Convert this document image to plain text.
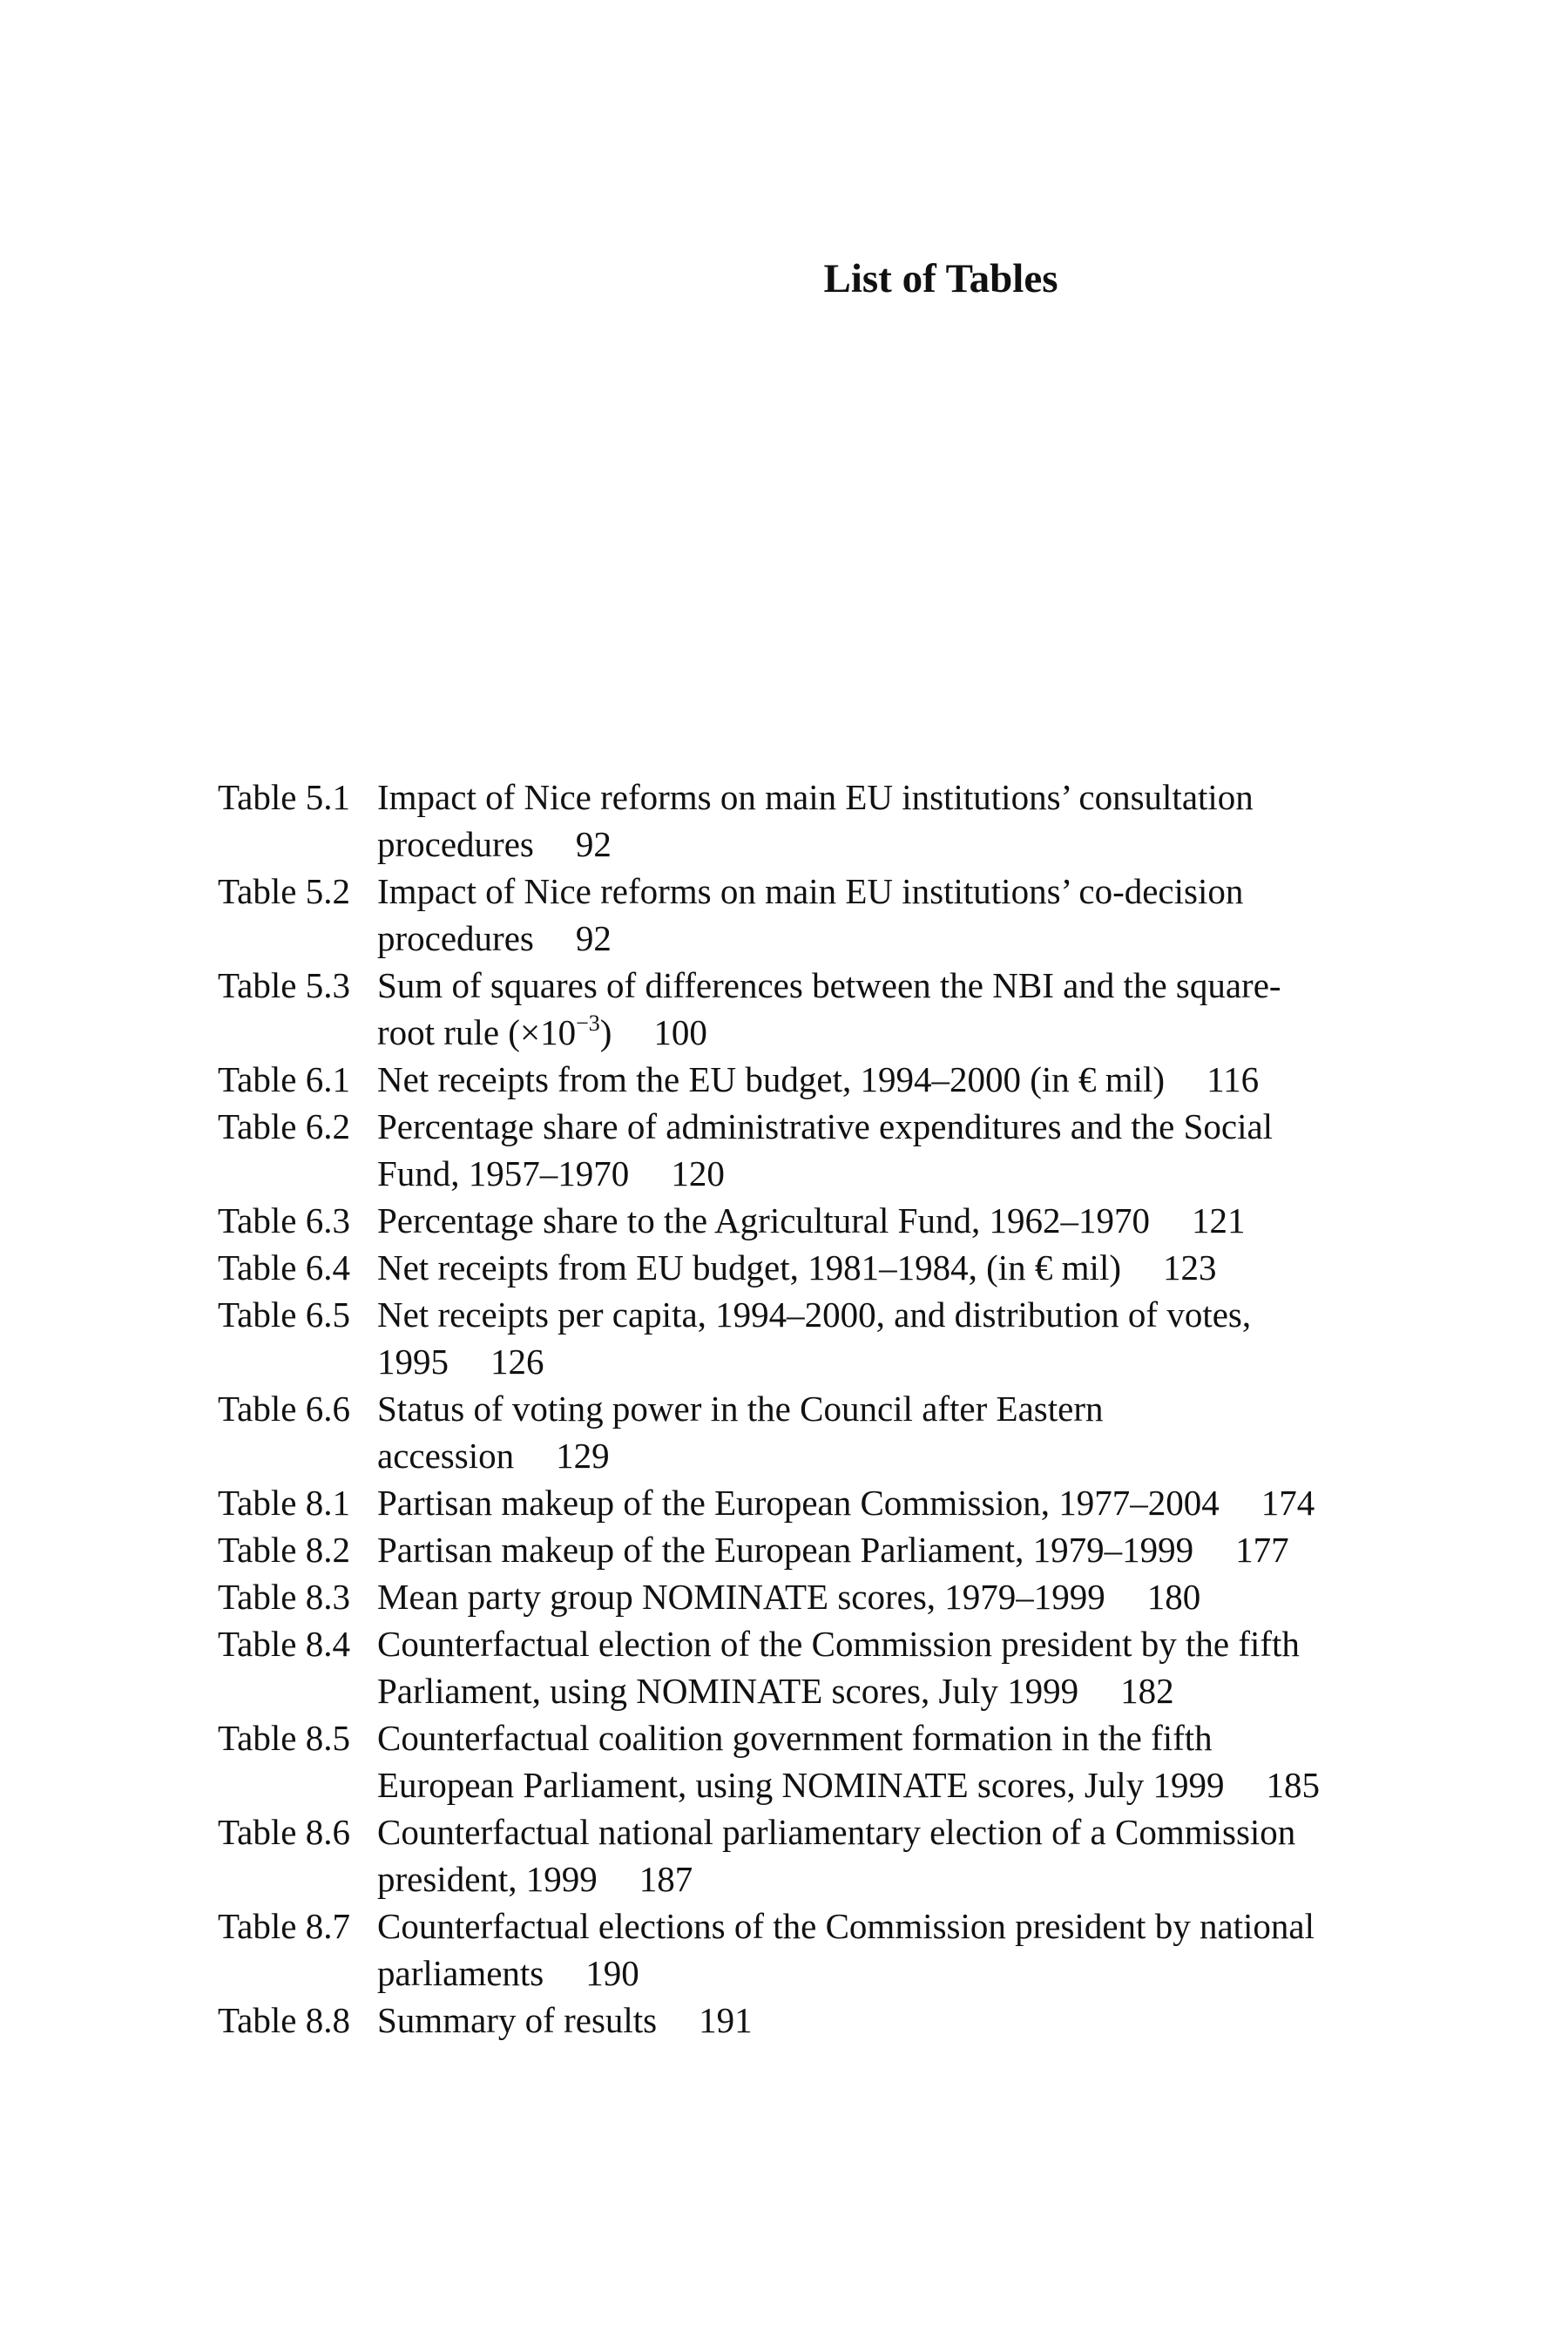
List of Tables
Table 5.1 Impact of Nice reforms on main EU institutions’ consultation procedures 92
Table 5.2 Impact of Nice reforms on main EU institutions’ co-decision procedures 92
Table 5.3 Sum of squares of differences between the NBI and the square-root rule $(\times 10^{-3})$ 100
Table 6.1 Net receipts from the EU budget, 1994–2000 (in € mil) 116
Table 6.2 Percentage share of administrative expenditures and the Social Fund, 1957–1970 120
Table 6.3 Percentage share to the Agricultural Fund, 1962–1970 121
Table 6.4 Net receipts from EU budget, 1981–1984, (in € mil) 123
Table 6.5 Net receipts per capita, 1994–2000, and distribution of votes, 1995 126
Table 6.6 Status of voting power in the Council after Eastern accession 129
Table 8.1 Partisan makeup of the European Commission, 1977–2004 174
Table 8.2 Partisan makeup of the European Parliament, 1979–1999 177
Table 8.3 Mean party group NOMINATE scores, 1979–1999 180
Table 8.4 Counterfactual election of the Commission president by the fifth Parliament, using NOMINATE scores, July 1999 182
Table 8.5 Counterfactual coalition government formation in the fifth European Parliament, using NOMINATE scores, July 1999 185
Table 8.6 Counterfactual national parliamentary election of a Commission president, 1999 187
Table 8.7 Counterfactual elections of the Commission president by national parliaments 190
Table 8.8 Summary of results 191
